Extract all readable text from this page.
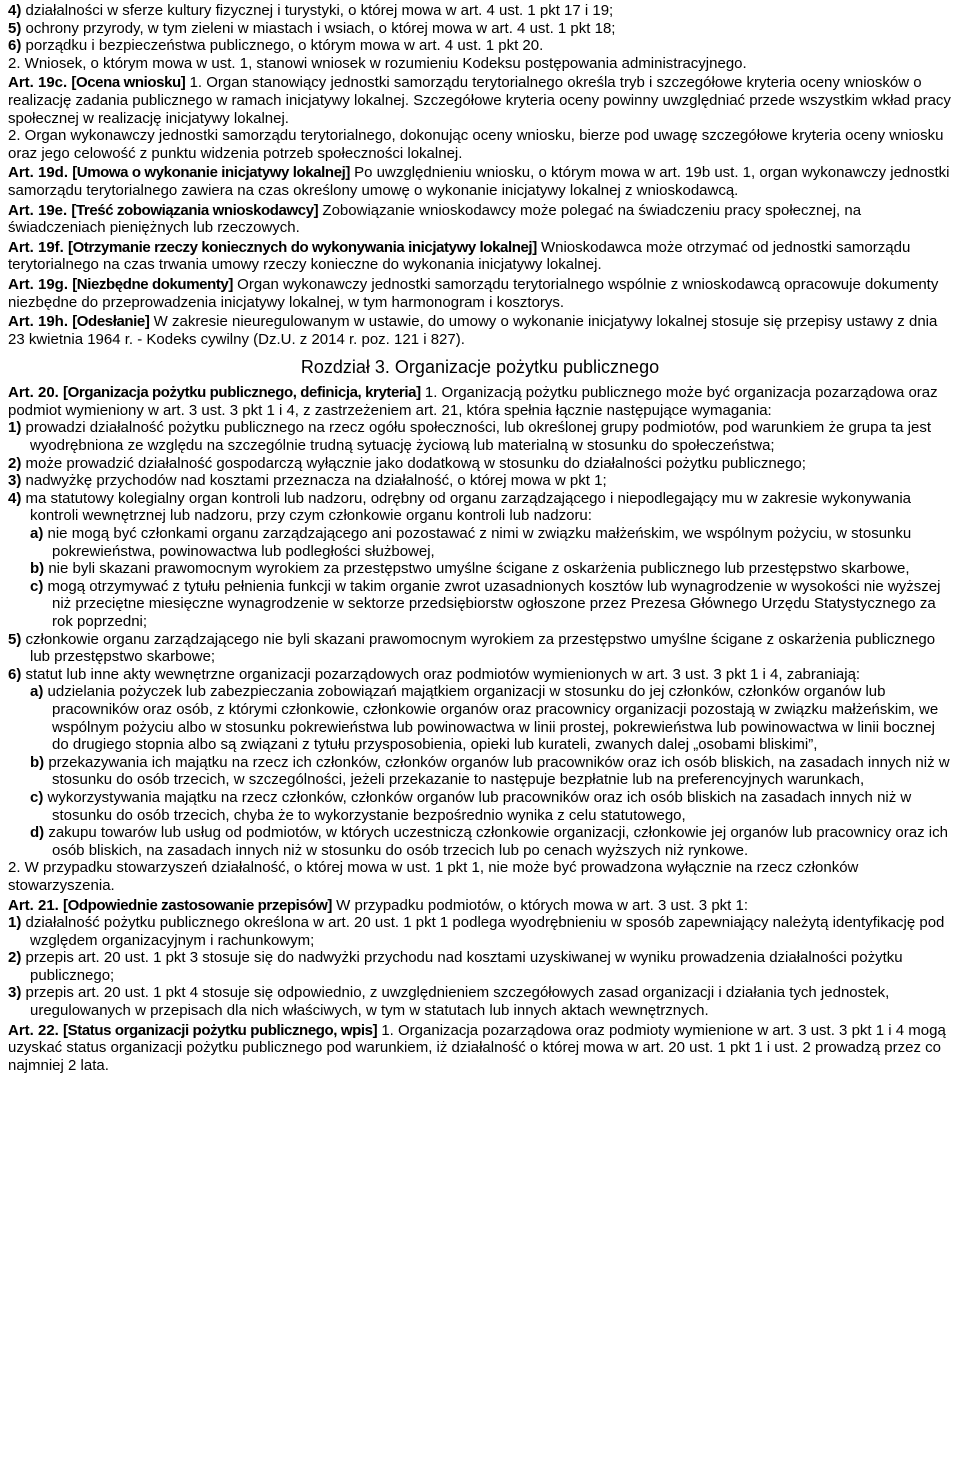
4) działalności w sferze kultury fizycznej i turystyki, o której mowa w art. 4 ust. 1 pkt 17 i 19;

5) ochrony przyrody, w tym zieleni w miastach i wsiach, o której mowa w art. 4 ust. 1 pkt 18;

6) porządku i bezpieczeństwa publicznego, o którym mowa w art. 4 ust. 1 pkt 20.

2. Wniosek, o którym mowa w ust. 1, stanowi wniosek w rozumieniu Kodeksu postępowania administracyjnego.

Art. 19c. [Ocena wniosku] 1. Organ stanowiący jednostki samorządu terytorialnego określa tryb i szczegółowe kryteria oceny wniosków o realizację zadania publicznego w ramach inicjatywy lokalnej. Szczegółowe kryteria oceny powinny uwzględniać przede wszystkim wkład pracy społecznej w realizację inicjatywy lokalnej.

2. Organ wykonawczy jednostki samorządu terytorialnego, dokonując oceny wniosku, bierze pod uwagę szczegółowe kryteria oceny wniosku oraz jego celowość z punktu widzenia potrzeb społeczności lokalnej.

Art. 19d. [Umowa o wykonanie inicjatywy lokalnej] Po uwzględnieniu wniosku, o którym mowa w art. 19b ust. 1, organ wykonawczy jednostki samorządu terytorialnego zawiera na czas określony umowę o wykonanie inicjatywy lokalnej z wnioskodawcą.

Art. 19e. [Treść zobowiązania wnioskodawcy] Zobowiązanie wnioskodawcy może polegać na świadczeniu pracy społecznej, na świadczeniach pieniężnych lub rzeczowych.

Art. 19f. [Otrzymanie rzeczy koniecznych do wykonywania inicjatywy lokalnej] Wnioskodawca może otrzymać od jednostki samorządu terytorialnego na czas trwania umowy rzeczy konieczne do wykonania inicjatywy lokalnej.

Art. 19g. [Niezbędne dokumenty] Organ wykonawczy jednostki samorządu terytorialnego wspólnie z wnioskodawcą opracowuje dokumenty niezbędne do przeprowadzenia inicjatywy lokalnej, w tym harmonogram i kosztorys.

Art. 19h. [Odesłanie] W zakresie nieuregulowanym w ustawie, do umowy o wykonanie inicjatywy lokalnej stosuje się przepisy ustawy z dnia 23 kwietnia 1964 r. - Kodeks cywilny (Dz.U. z 2014 r. poz. 121 i 827).

Rozdział 3. Organizacje pożytku publicznego

Art. 20. [Organizacja pożytku publicznego, definicja, kryteria] 1. Organizacją pożytku publicznego może być organizacja pozarządowa oraz podmiot wymieniony w art. 3 ust. 3 pkt 1 i 4, z zastrzeżeniem art. 21, która spełnia łącznie następujące wymagania:

1) prowadzi działalność pożytku publicznego na rzecz ogółu społeczności, lub określonej grupy podmiotów, pod warunkiem że grupa ta jest wyodrębniona ze względu na szczególnie trudną sytuację życiową lub materialną w stosunku do społeczeństwa;

2) może prowadzić działalność gospodarczą wyłącznie jako dodatkową w stosunku do działalności pożytku publicznego;

3) nadwyżkę przychodów nad kosztami przeznacza na działalność, o której mowa w pkt 1;

4) ma statutowy kolegialny organ kontroli lub nadzoru, odrębny od organu zarządzającego i niepodlegający mu w zakresie wykonywania kontroli wewnętrznej lub nadzoru, przy czym członkowie organu kontroli lub nadzoru:

a) nie mogą być członkami organu zarządzającego ani pozostawać z nimi w związku małżeńskim, we wspólnym pożyciu, w stosunku pokrewieństwa, powinowactwa lub podległości służbowej,

b) nie byli skazani prawomocnym wyrokiem za przestępstwo umyślne ścigane z oskarżenia publicznego lub przestępstwo skarbowe,

c) mogą otrzymywać z tytułu pełnienia funkcji w takim organie zwrot uzasadnionych kosztów lub wynagrodzenie w wysokości nie wyższej niż przeciętne miesięczne wynagrodzenie w sektorze przedsiębiorstw ogłoszone przez Prezesa Głównego Urzędu Statystycznego za rok poprzedni;

5) członkowie organu zarządzającego nie byli skazani prawomocnym wyrokiem za przestępstwo umyślne ścigane z oskarżenia publicznego lub przestępstwo skarbowe;

6) statut lub inne akty wewnętrzne organizacji pozarządowych oraz podmiotów wymienionych w art. 3 ust. 3 pkt 1 i 4, zabraniają:

a) udzielania pożyczek lub zabezpieczania zobowiązań majątkiem organizacji w stosunku do jej członków, członków organów lub pracowników oraz osób, z którymi członkowie, członkowie organów oraz pracownicy organizacji pozostają w związku małżeńskim, we wspólnym pożyciu albo w stosunku pokrewieństwa lub powinowactwa w linii prostej, pokrewieństwa lub powinowactwa w linii bocznej do drugiego stopnia albo są związani z tytułu przysposobienia, opieki lub kurateli, zwanych dalej „osobami bliskimi”,

b) przekazywania ich majątku na rzecz ich członków, członków organów lub pracowników oraz ich osób bliskich, na zasadach innych niż w stosunku do osób trzecich, w szczególności, jeżeli przekazanie to następuje bezpłatnie lub na preferencyjnych warunkach,

c) wykorzystywania majątku na rzecz członków, członków organów lub pracowników oraz ich osób bliskich na zasadach innych niż w stosunku do osób trzecich, chyba że to wykorzystanie bezpośrednio wynika z celu statutowego,

d) zakupu towarów lub usług od podmiotów, w których uczestniczą członkowie organizacji, członkowie jej organów lub pracownicy oraz ich osób bliskich, na zasadach innych niż w stosunku do osób trzecich lub po cenach wyższych niż rynkowe.

2. W przypadku stowarzyszeń działalność, o której mowa w ust. 1 pkt 1, nie może być prowadzona wyłącznie na rzecz członków stowarzyszenia.

Art. 21. [Odpowiednie zastosowanie przepisów] W przypadku podmiotów, o których mowa w art. 3 ust. 3 pkt 1:

1) działalność pożytku publicznego określona w art. 20 ust. 1 pkt 1 podlega wyodrębnieniu w sposób zapewniający należytą identyfikację pod względem organizacyjnym i rachunkowym;

2) przepis art. 20 ust. 1 pkt 3 stosuje się do nadwyżki przychodu nad kosztami uzyskiwanej w wyniku prowadzenia działalności pożytku publicznego;

3) przepis art. 20 ust. 1 pkt 4 stosuje się odpowiednio, z uwzględnieniem szczegółowych zasad organizacji i działania tych jednostek, uregulowanych w przepisach dla nich właściwych, w tym w statutach lub innych aktach wewnętrznych.

Art. 22. [Status organizacji pożytku publicznego, wpis] 1. Organizacja pozarządowa oraz podmioty wymienione w art. 3 ust. 3 pkt 1 i 4 mogą uzyskać status organizacji pożytku publicznego pod warunkiem, iż działalność o której mowa w art. 20 ust. 1 pkt 1 i ust. 2 prowadzą przez co najmniej 2 lata.
